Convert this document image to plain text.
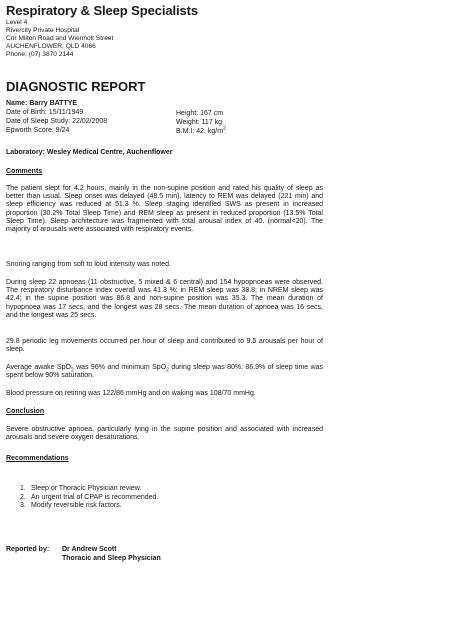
Respiratory & Sleep Specialists
Level 4
Rivercity Private Hospital
Cnr Milton Road and Wienholt Street
AUCHENFLOWER, QLD 4066
Phone: (07) 3870 2144
DIAGNOSTIC REPORT
Name: Barry BATTYE
Date of Birth: 15/11/1949
Date of Sleep Study: 22/02/2008
Epworth Score: 9/24
Height: 167 cm
Weight: 117 kg
B.M.I: 42. $kg/m^2$
Laboratory: Wesley Medical Centre, Auchenflower
Comments

The patient slept for 4.2 hours, mainly in the non-supine position and rated his quality of sleep as better than usual. Sleep onset was delayed (48.5 min), latency to REM was delayed (221 min) and sleep efficiency was reduced at 51.3 %. Sleep staging identified SWS as present in increased proportion (30.2% Total Sleep Time) and REM sleep as present in reduced proportion (13.5% Total Sleep Time). Sleep architecture was fragmented with total arousal index of 40. (normal<20). The majority of arousals were associated with respiratory events.

Snoring ranging from soft to loud intensity was noted.

During sleep 22 apnoeas (11 obstructive, 5 mixed & 6 central) and 154 hypopnoeas were observed. The respiratory disturbance index overall was 41.3 %; in REM sleep was 38.8; in NREM sleep was 42.4; in the supine position was 86.8 and non-supine position was 35.3. The mean duration of hypopnoea was 17 secs, and the longest was 28 secs. The mean duration of apnoea was 16 secs, and the longest was 25 secs.

29.8 periodic leg movements occurred per hour of sleep and contributed to 9.5 arousals per hour of sleep.

Average awake SpO$_2$ was 96% and minimum SpO$_2$ during sleep was 80%. 86.9% of sleep time was spent below 90% saturation.

Blood pressure on retiring was 122/86 mmHg and on waking was 108/70 mmHg.

Conclusion

Severe obstructive apnoea, particularly lying in the supine position and associated with increased arousals and severe oxygen desaturations.

Recommendations
1. Sleep or Thoracic Physician review.
2. An urgent trial of CPAP is recommended.
3. Modify reversible risk factors.
Reported by: Dr Andrew Scott
Thoracic and Sleep Physician
